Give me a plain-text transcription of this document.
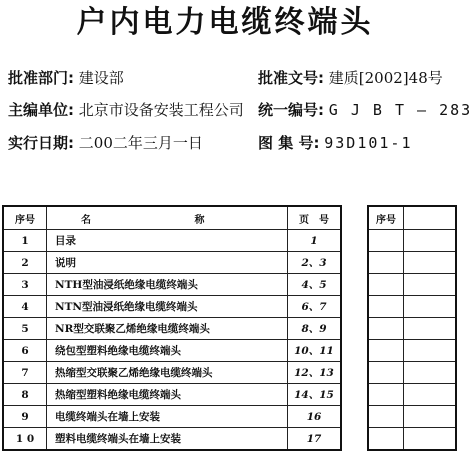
户内电力电缆终端头
批准部门: 建设部	批准文号: 建质[2002]48号
主编单位: 北京市设备安装工程公司 统一编号: G J B T — 283
实行日期: 二00二年三月一日	图 集 号: 93D101-1
序号	名 称	页　号
1	目录	1
2	说明	2、3
3	NTH型油浸纸绝缘电缆终端头	4、5
4	NTN型油浸纸绝缘电缆终端头	6、7
5	NR型交联聚乙烯绝缘电缆终端头	8、9
6	绕包型塑料绝缘电缆终端头	10、11
7	热缩型交联聚乙烯绝缘电缆终端头	12、13
8	热缩型塑料绝缘电缆终端头	14、15
9	电缆终端头在墙上安装	16
1 0	塑料电缆终端头在墙上安装	17
序号	
